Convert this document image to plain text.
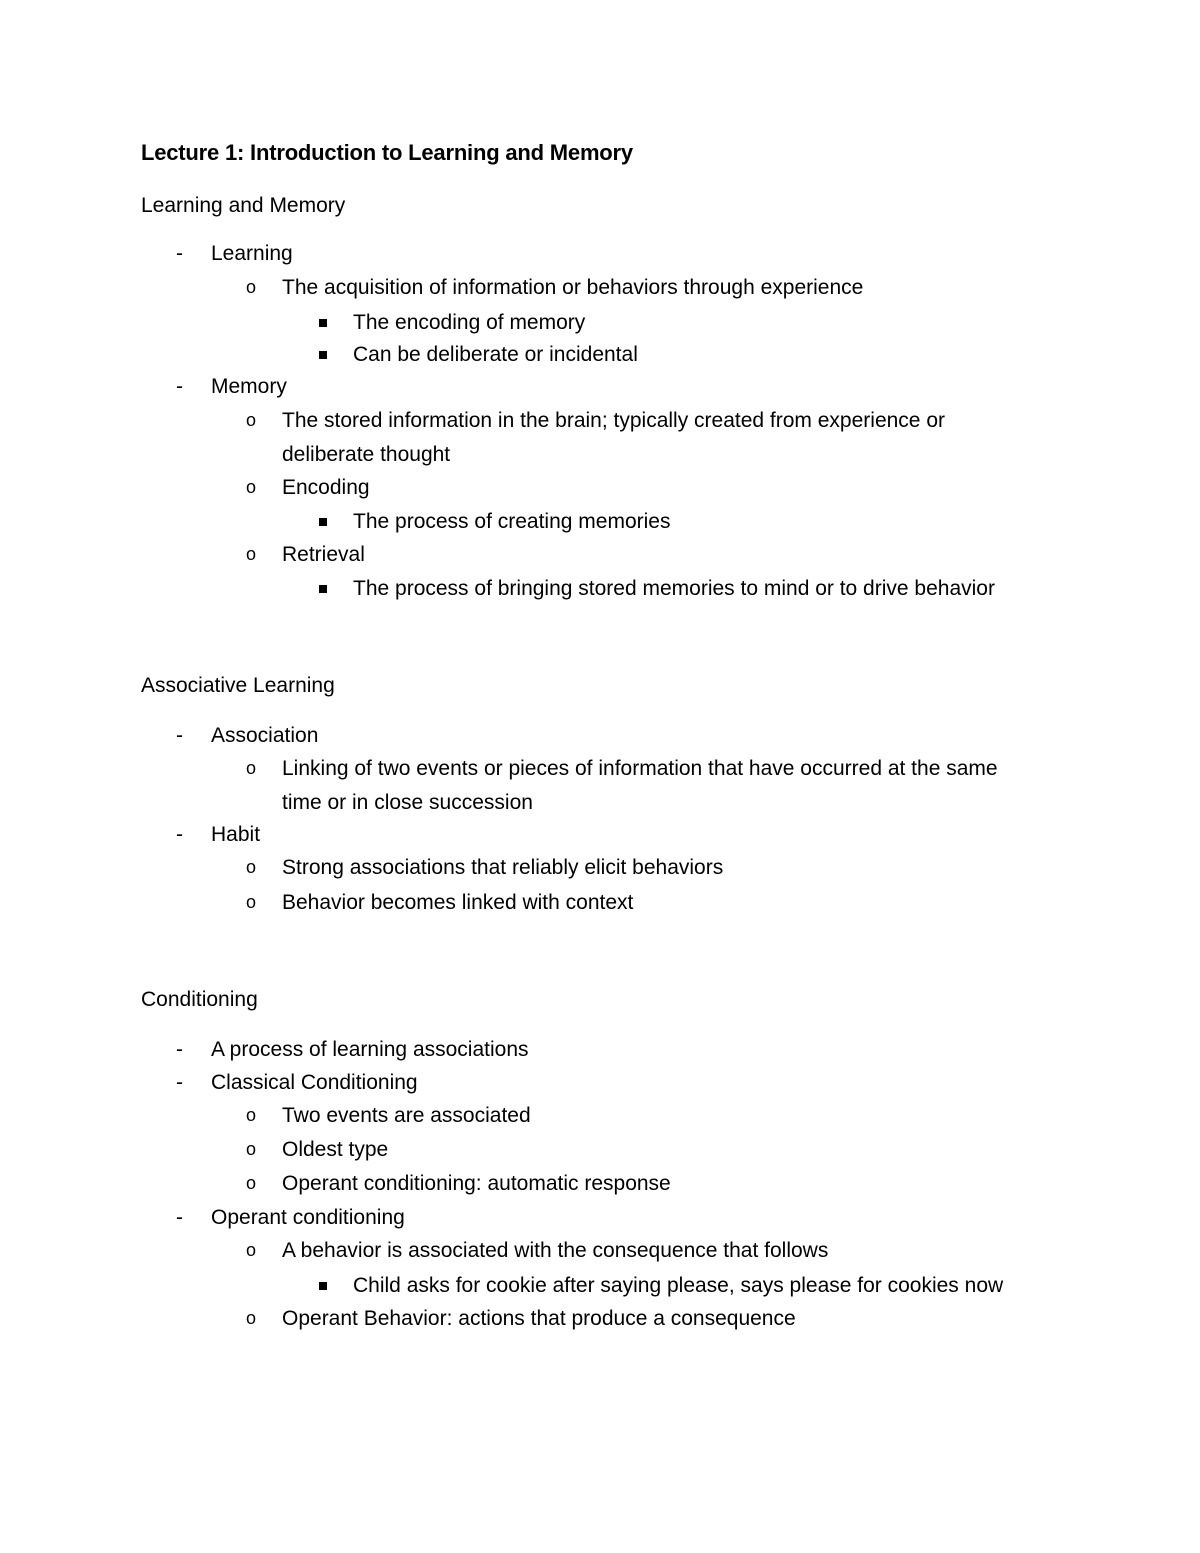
Lecture 1: Introduction to Learning and Memory
Learning and Memory
- Learning
o The acquisition of information or behaviors through experience
The encoding of memory
Can be deliberate or incidental
- Memory
o The stored information in the brain; typically created from experience or
deliberate thought
o Encoding
The process of creating memories
o Retrieval
The process of bringing stored memories to mind or to drive behavior
Associative Learning
- Association
o Linking of two events or pieces of information that have occurred at the same
time or in close succession
- Habit
o Strong associations that reliably elicit behaviors
o Behavior becomes linked with context
Conditioning
- A process of learning associations
- Classical Conditioning
o Two events are associated
o Oldest type
o Operant conditioning: automatic response
- Operant conditioning
o A behavior is associated with the consequence that follows
Child asks for cookie after saying please, says please for cookies now
o Operant Behavior: actions that produce a consequence
